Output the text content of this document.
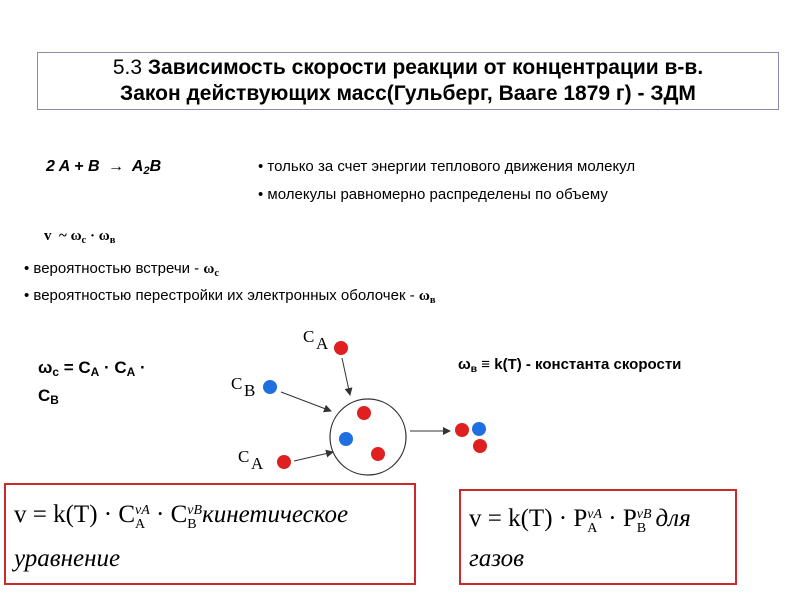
5.3 Зависимость скорости реакции от концентрации в-в.
Закон действующих масс(Гульберг, Вааге 1879 г) - ЗДМ
2 $A + B \to A_2B$	• только за счет энергии теплового движения молекул
• молекулы равномерно распределены по объему
v ~ $\omega_c \cdot \omega_в$
• вероятностью встречи - $\omega_c$
• вероятностью перестройки их электронных оболочек - $\omega_в$
$\omega_c = C_A \cdot C_A$ ·
$C_B$
$\omega_в \equiv k(T)$ - константа скорости
C A
C B
C A
v = k(T) · C νA
A · C νB
B кинетическое
уравнение
v = k(T) · P νA
A · P νB
B для
газов
